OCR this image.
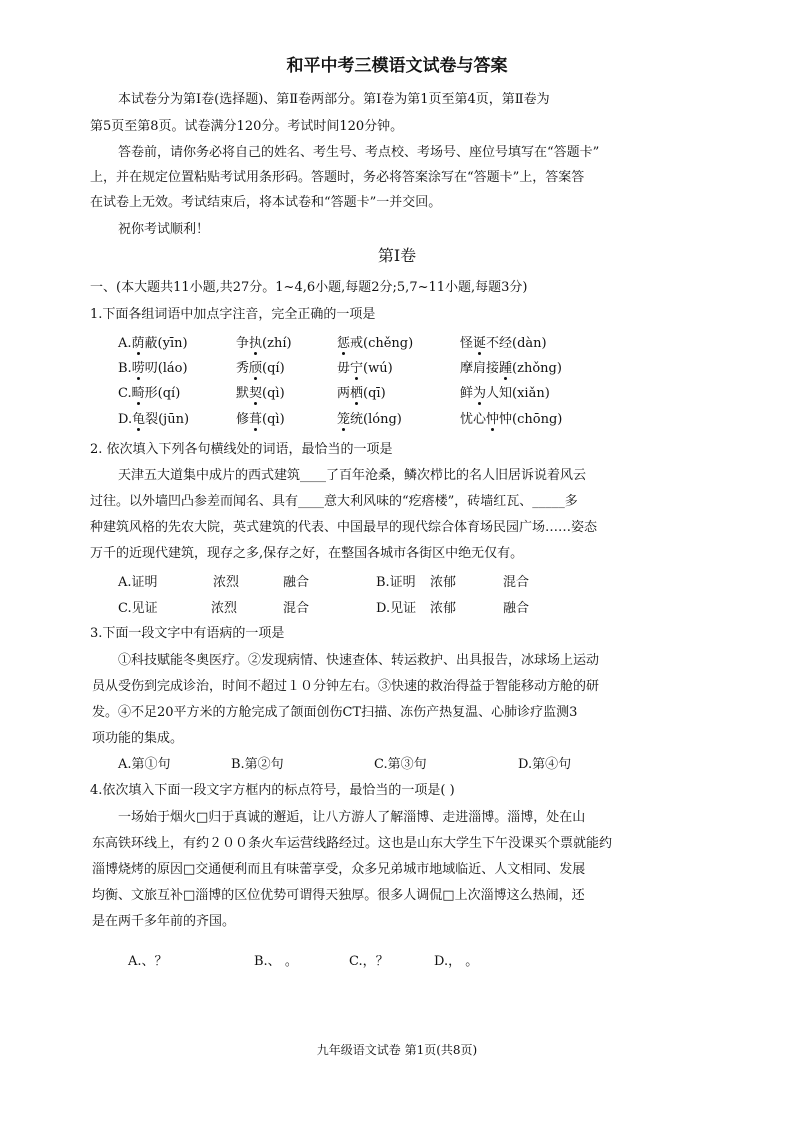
和平中考三模语文试卷与答案
本试卷分为第Ⅰ卷(选择题)、第Ⅱ卷两部分。第Ⅰ卷为第1页至第4页，第Ⅱ卷为
第5页至第8页。试卷满分120分。考试时间120分钟。
答卷前，请你务必将自己的姓名、考生号、考点校、考场号、座位号填写在“答题卡”
上，并在规定位置粘贴考试用条形码。答题时，务必将答案涂写在“答题卡”上，答案答
在试卷上无效。考试结束后，将本试卷和“答题卡”一并交回。
祝你考试顺利！
第Ⅰ卷
一、(本大题共11小题,共27分。1~4,6小题,每题2分;5,7~11小题,每题3分)
1.下面各组词语中加点字注音，完全正确的一项是
A.荫蔽(yīn)	争执(zhí)	惩戒(chěng)	怪诞不经(dàn)
B.唠叨(láo)	秀颀(qí)	毋宁(wú)	摩肩接踵(zhǒng)
C.畸形(qí)	默契(qì)	两栖(qī)	鲜为人知(xiǎn)
D.龟裂(jūn)	修葺(qì)	笼统(lóng)	忧心忡忡(chōng)
2. 依次填入下列各句横线处的词语，最恰当的一项是
天津五大道集中成片的西式建筑____了百年沧桑，鳞次栉比的名人旧居诉说着风云
过往。以外墙凹凸参差而闻名、具有____意大利风味的“疙瘩楼”，砖墙红瓦、_____多
种建筑风格的先农大院，英式建筑的代表、中国最早的现代综合体育场民园广场……姿态
万千的近现代建筑，现存之多,保存之好，在整国各城市各街区中绝无仅有。
A.证明	浓烈	融合	B.证明 浓郁	混合
C.见证	浓烈	混合	D.见证 浓郁	融合
3.下面一段文字中有语病的一项是
①科技赋能冬奥医疗。②发现病情、快速查体、转运救护、出具报告，冰球场上运动
员从受伤到完成诊治，时间不超过１０分钟左右。③快速的救治得益于智能移动方舱的研
发。④不足20平方米的方舱完成了颌面创伤CT扫描、冻伤产热复温、心肺诊疗监测3
项功能的集成。
A.第①句	B.第②句	C.第③句	D.第④句
4.依次填入下面一段文字方框内的标点符号，最恰当的一项是( )
一场始于烟火□归于真诚的邂逅，让八方游人了解淄博、走进淄博。淄博，处在山
东高铁环线上，有约２００条火车运营线路经过。这也是山东大学生下午没课买个票就能约
淄博烧烤的原因□交通便利而且有味蕾享受，众多兄弟城市地域临近、人文相同、发展
均衡、文旅互补□淄博的区位优势可谓得天独厚。很多人调侃□上次淄博这么热闹，还
是在两千多年前的齐国。
A.、？	B.、 。	C.，？	D.， 。
九年级语文试卷 第1页(共8页)
